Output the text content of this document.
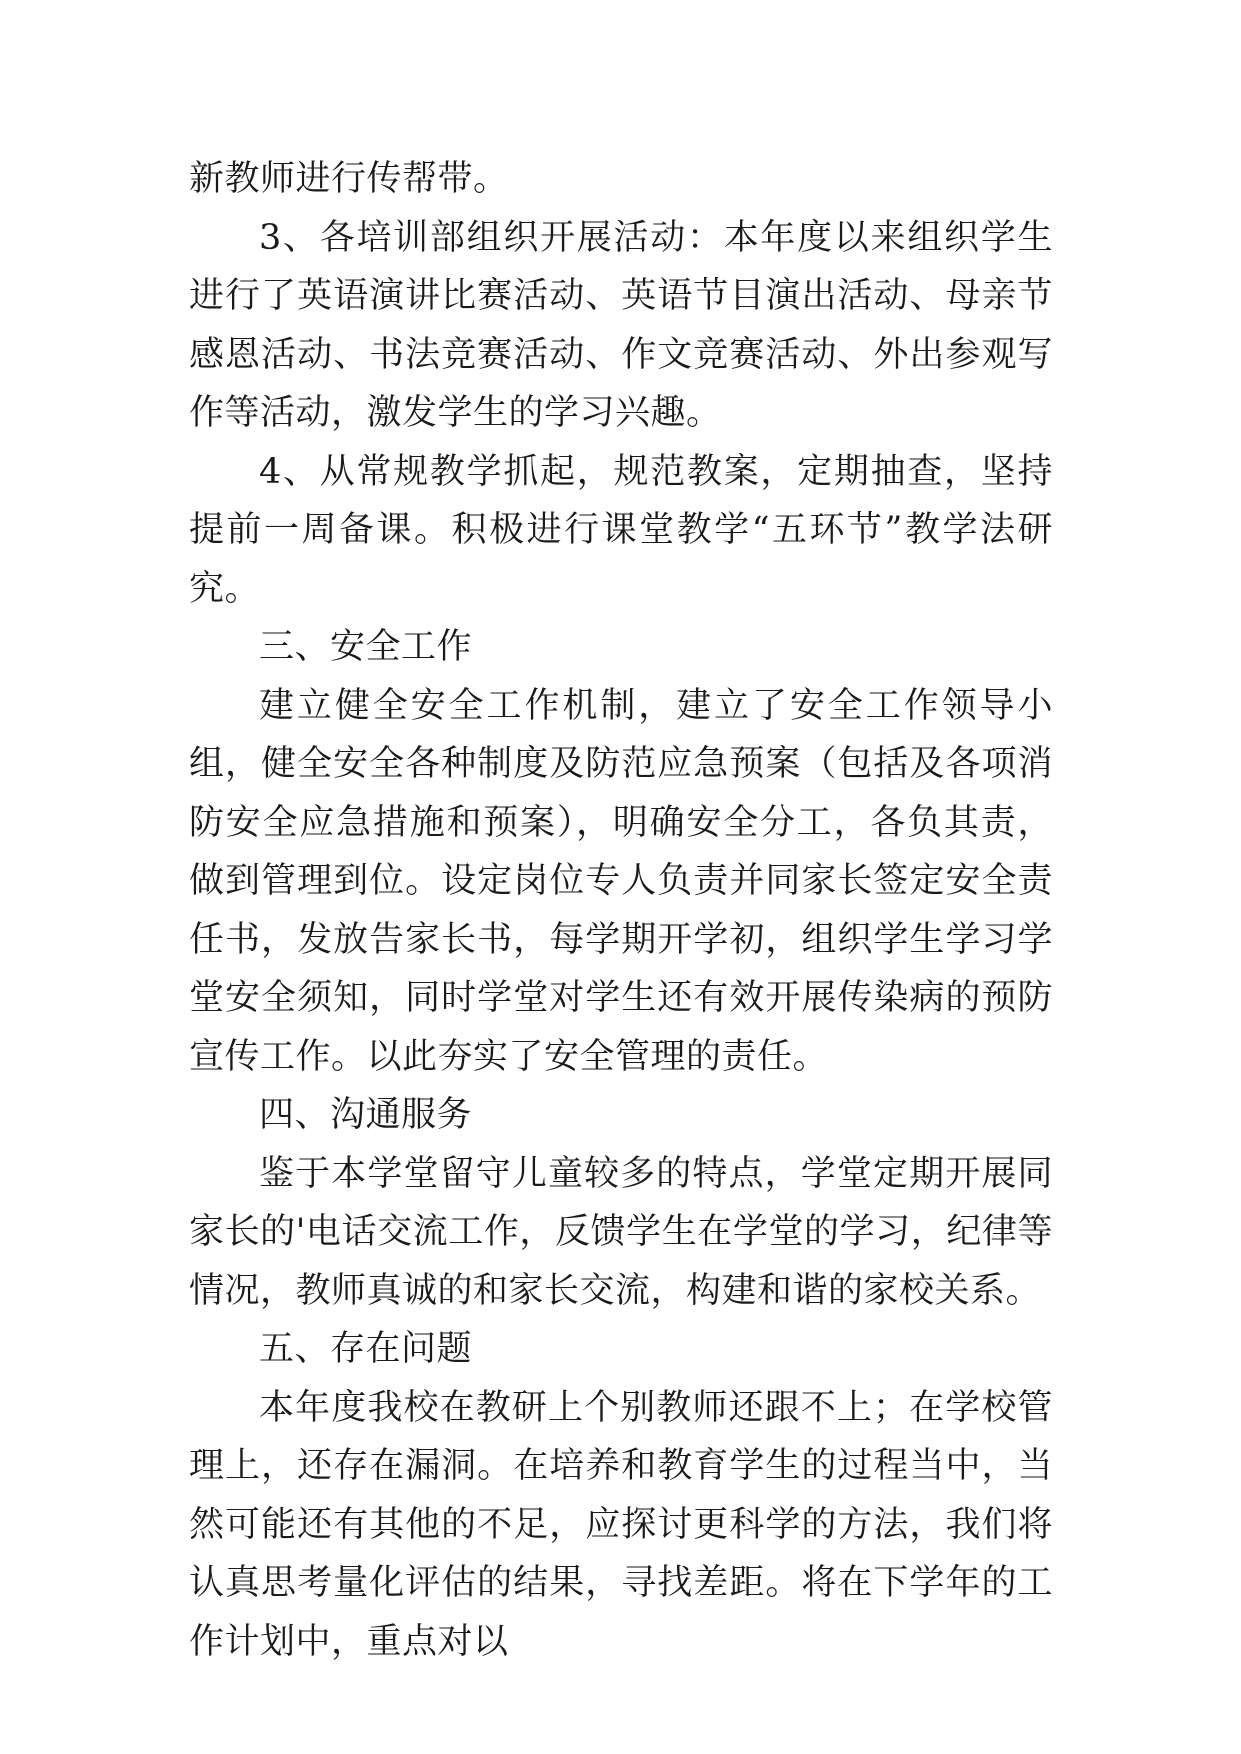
新教师进行传帮带。

3、各培训部组织开展活动：本年度以来组织学生进行了英语演讲比赛活动、英语节目演出活动、母亲节感恩活动、书法竞赛活动、作文竞赛活动、外出参观写作等活动，激发学生的学习兴趣。

4、从常规教学抓起，规范教案，定期抽查，坚持提前一周备课。积极进行课堂教学“五环节”教学法研究。

三、安全工作

建立健全安全工作机制，建立了安全工作领导小组，健全安全各种制度及防范应急预案（包括及各项消防安全应急措施和预案），明确安全分工，各负其责，做到管理到位。设定岗位专人负责并同家长签定安全责任书，发放告家长书，每学期开学初，组织学生学习学堂安全须知，同时学堂对学生还有效开展传染病的预防宣传工作。以此夯实了安全管理的责任。

四、沟通服务

鉴于本学堂留守儿童较多的特点，学堂定期开展同家长的'电话交流工作，反馈学生在学堂的学习，纪律等情况，教师真诚的和家长交流，构建和谐的家校关系。

五、存在问题

本年度我校在教研上个别教师还跟不上；在学校管理上，还存在漏洞。在培养和教育学生的过程当中，当然可能还有其他的不足，应探讨更科学的方法，我们将认真思考量化评估的结果，寻找差距。将在下学年的工作计划中，重点对以
